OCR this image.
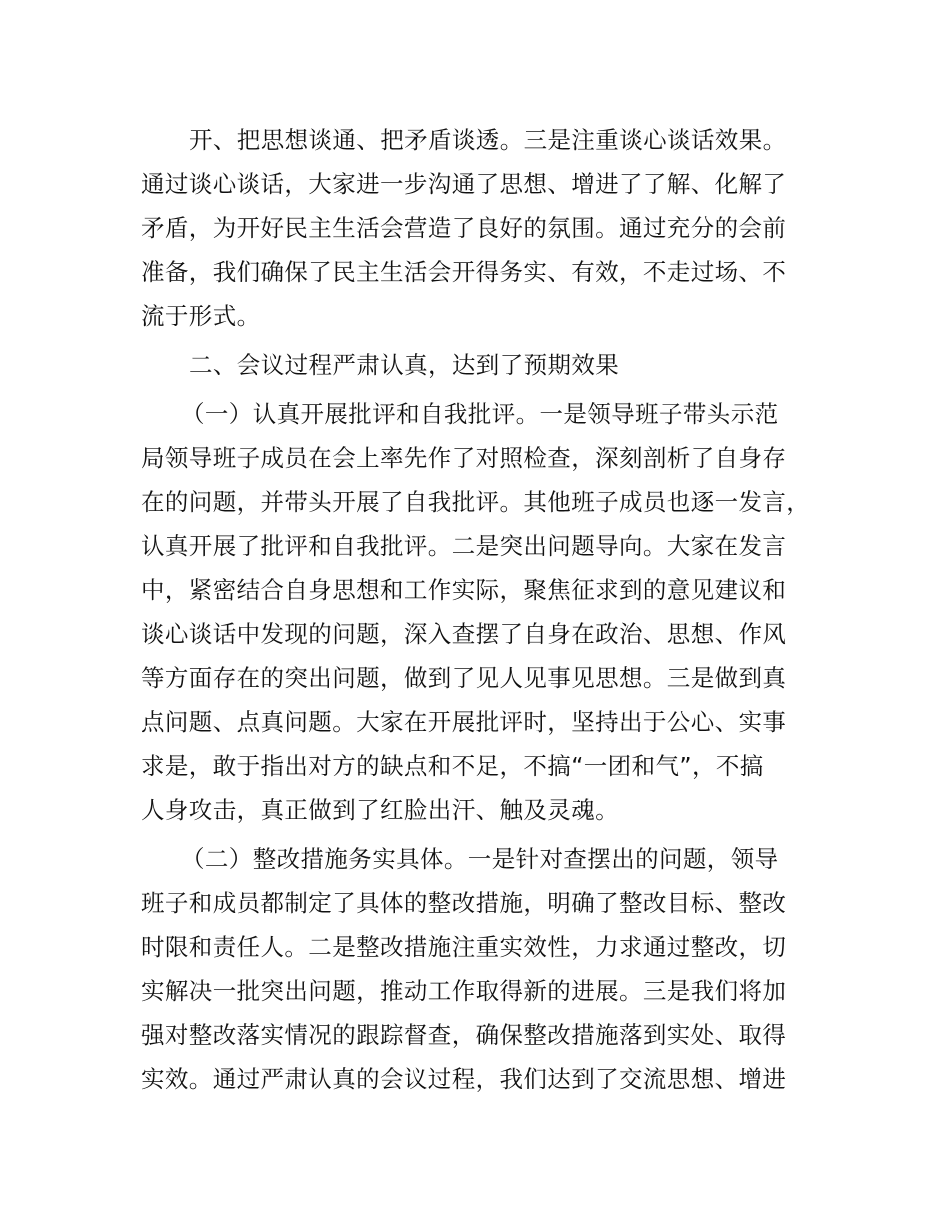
开、把思想谈通、把矛盾谈透。三是注重谈心谈话效果。
通过谈心谈话，大家进一步沟通了思想、增进了了解、化解了
矛盾，为开好民主生活会营造了良好的氛围。通过充分的会前
准备，我们确保了民主生活会开得务实、有效，不走过场、不
流于形式。
二、会议过程严肃认真，达到了预期效果
（一）认真开展批评和自我批评。一是领导班子带头示范
局领导班子成员在会上率先作了对照检查，深刻剖析了自身存
在的问题，并带头开展了自我批评。其他班子成员也逐一发言，
认真开展了批评和自我批评。二是突出问题导向。大家在发言
中，紧密结合自身思想和工作实际，聚焦征求到的意见建议和
谈心谈话中发现的问题，深入查摆了自身在政治、思想、作风
等方面存在的突出问题，做到了见人见事见思想。三是做到真
点问题、点真问题。大家在开展批评时，坚持出于公心、实事
求是，敢于指出对方的缺点和不足，不搞“一团和气”，不搞
人身攻击，真正做到了红脸出汗、触及灵魂。
（二）整改措施务实具体。一是针对查摆出的问题，领导
班子和成员都制定了具体的整改措施，明确了整改目标、整改
时限和责任人。二是整改措施注重实效性，力求通过整改，切
实解决一批突出问题，推动工作取得新的进展。三是我们将加
强对整改落实情况的跟踪督查，确保整改措施落到实处、取得
实效。通过严肃认真的会议过程，我们达到了交流思想、增进
